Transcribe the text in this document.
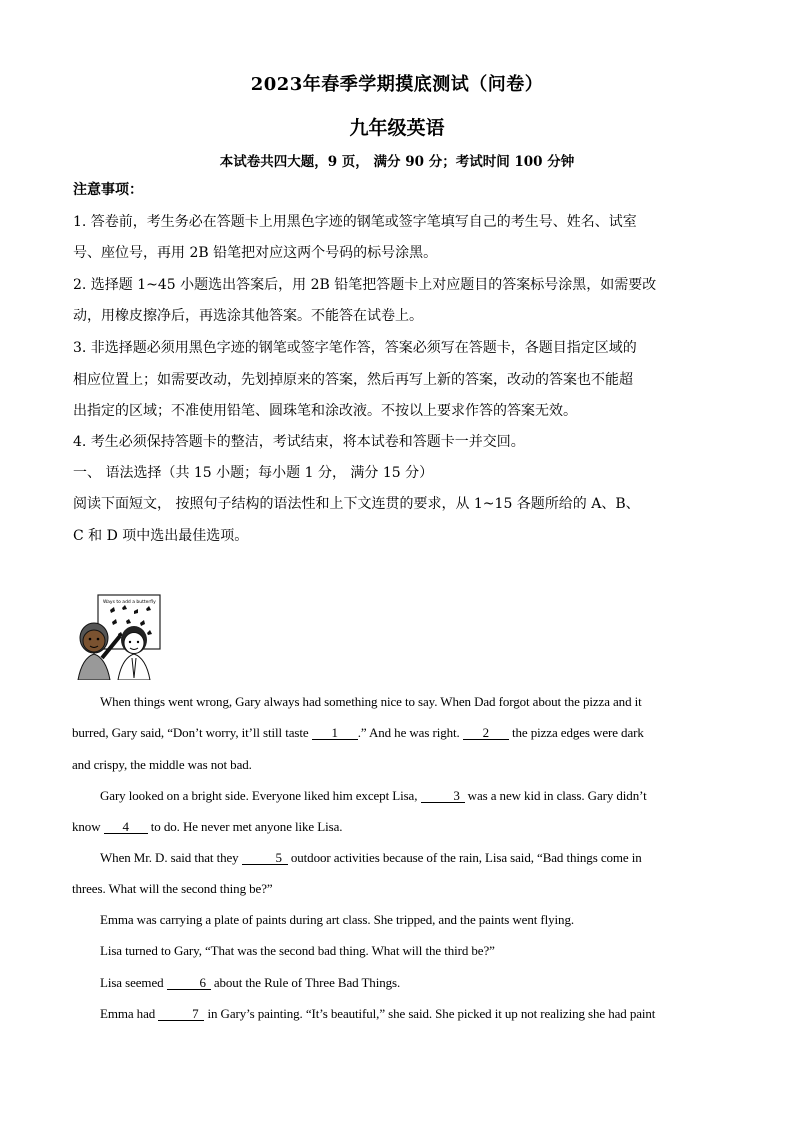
2023年春季学期摸底测试（问卷）
九年级英语
本试卷共四大题，9 页， 满分 90 分；考试时间 100 分钟
注意事项：
1. 答卷前，考生务必在答题卡上用黑色字迹的钢笔或签字笔填写自己的考生号、姓名、试室
号、座位号，再用 2B 铅笔把对应这两个号码的标号涂黑。
2. 选择题 1~45 小题选出答案后，用 2B 铅笔把答题卡上对应题目的答案标号涂黑，如需要改
动，用橡皮擦净后，再选涂其他答案。不能答在试卷上。
3. 非选择题必须用黑色字迹的钢笔或签字笔作答，答案必须写在答题卡，各题目指定区域的
相应位置上；如需要改动，先划掉原来的答案，然后再写上新的答案，改动的答案也不能超
出指定的区域；不准使用铅笔、圆珠笔和涂改液。不按以上要求作答的答案无效。
4. 考生必须保持答题卡的整洁，考试结束，将本试卷和答题卡一并交回。
一、 语法选择（共 15 小题；每小题 1 分， 满分 15 分）
阅读下面短文， 按照句子结构的语法性和上下文连贯的要求，从 1~15 各题所给的 A、B、
C 和 D 项中选出最佳选项。
Ways to add a butterfly
When things went wrong, Gary always had something nice to say. When Dad forgot about the pizza and it
burred, Gary said, “Don’t worry, it’ll still taste 1 .” And he was right. 2 the pizza edges were dark
and crispy, the middle was not bad.
Gary looked on a bright side. Everyone liked him except Lisa,	3 was a new kid in class. Gary didn’t
know 4 to do. He never met anyone like Lisa.
When Mr. D. said that they	5 outdoor activities because of the rain, Lisa said, “Bad things come in
threes. What will the second thing be?”
Emma was carrying a plate of paints during art class. She tripped, and the paints went flying.
Lisa turned to Gary, “That was the second bad thing. What will the third be?”
Lisa seemed	6 about the Rule of Three Bad Things.
Emma had	7 in Gary’s painting. “It’s beautiful,” she said. She picked it up not realizing she had paint
